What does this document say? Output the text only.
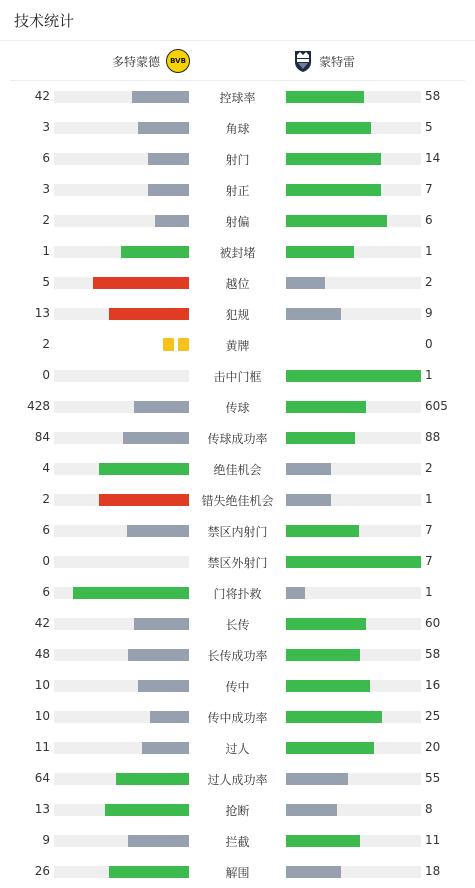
技术统计
多特蒙德 BVB	蒙特雷
42	控球率	58
3	角球	5
6	射门	14
3	射正	7
2	射偏	6
1	被封堵	1
5	越位	2
13	犯规	9
2	黄牌	0
0	击中门框	1
428	传球	605
84	传球成功率	88
4	绝佳机会	2
2	错失绝佳机会	1
6	禁区内射门	7
0	禁区外射门	7
6	门将扑救	1
42	长传	60
48	长传成功率	58
10	传中	16
10	传中成功率	25
11	过人	20
64	过人成功率	55
13	抢断	8
9	拦截	11
26	解围	18
